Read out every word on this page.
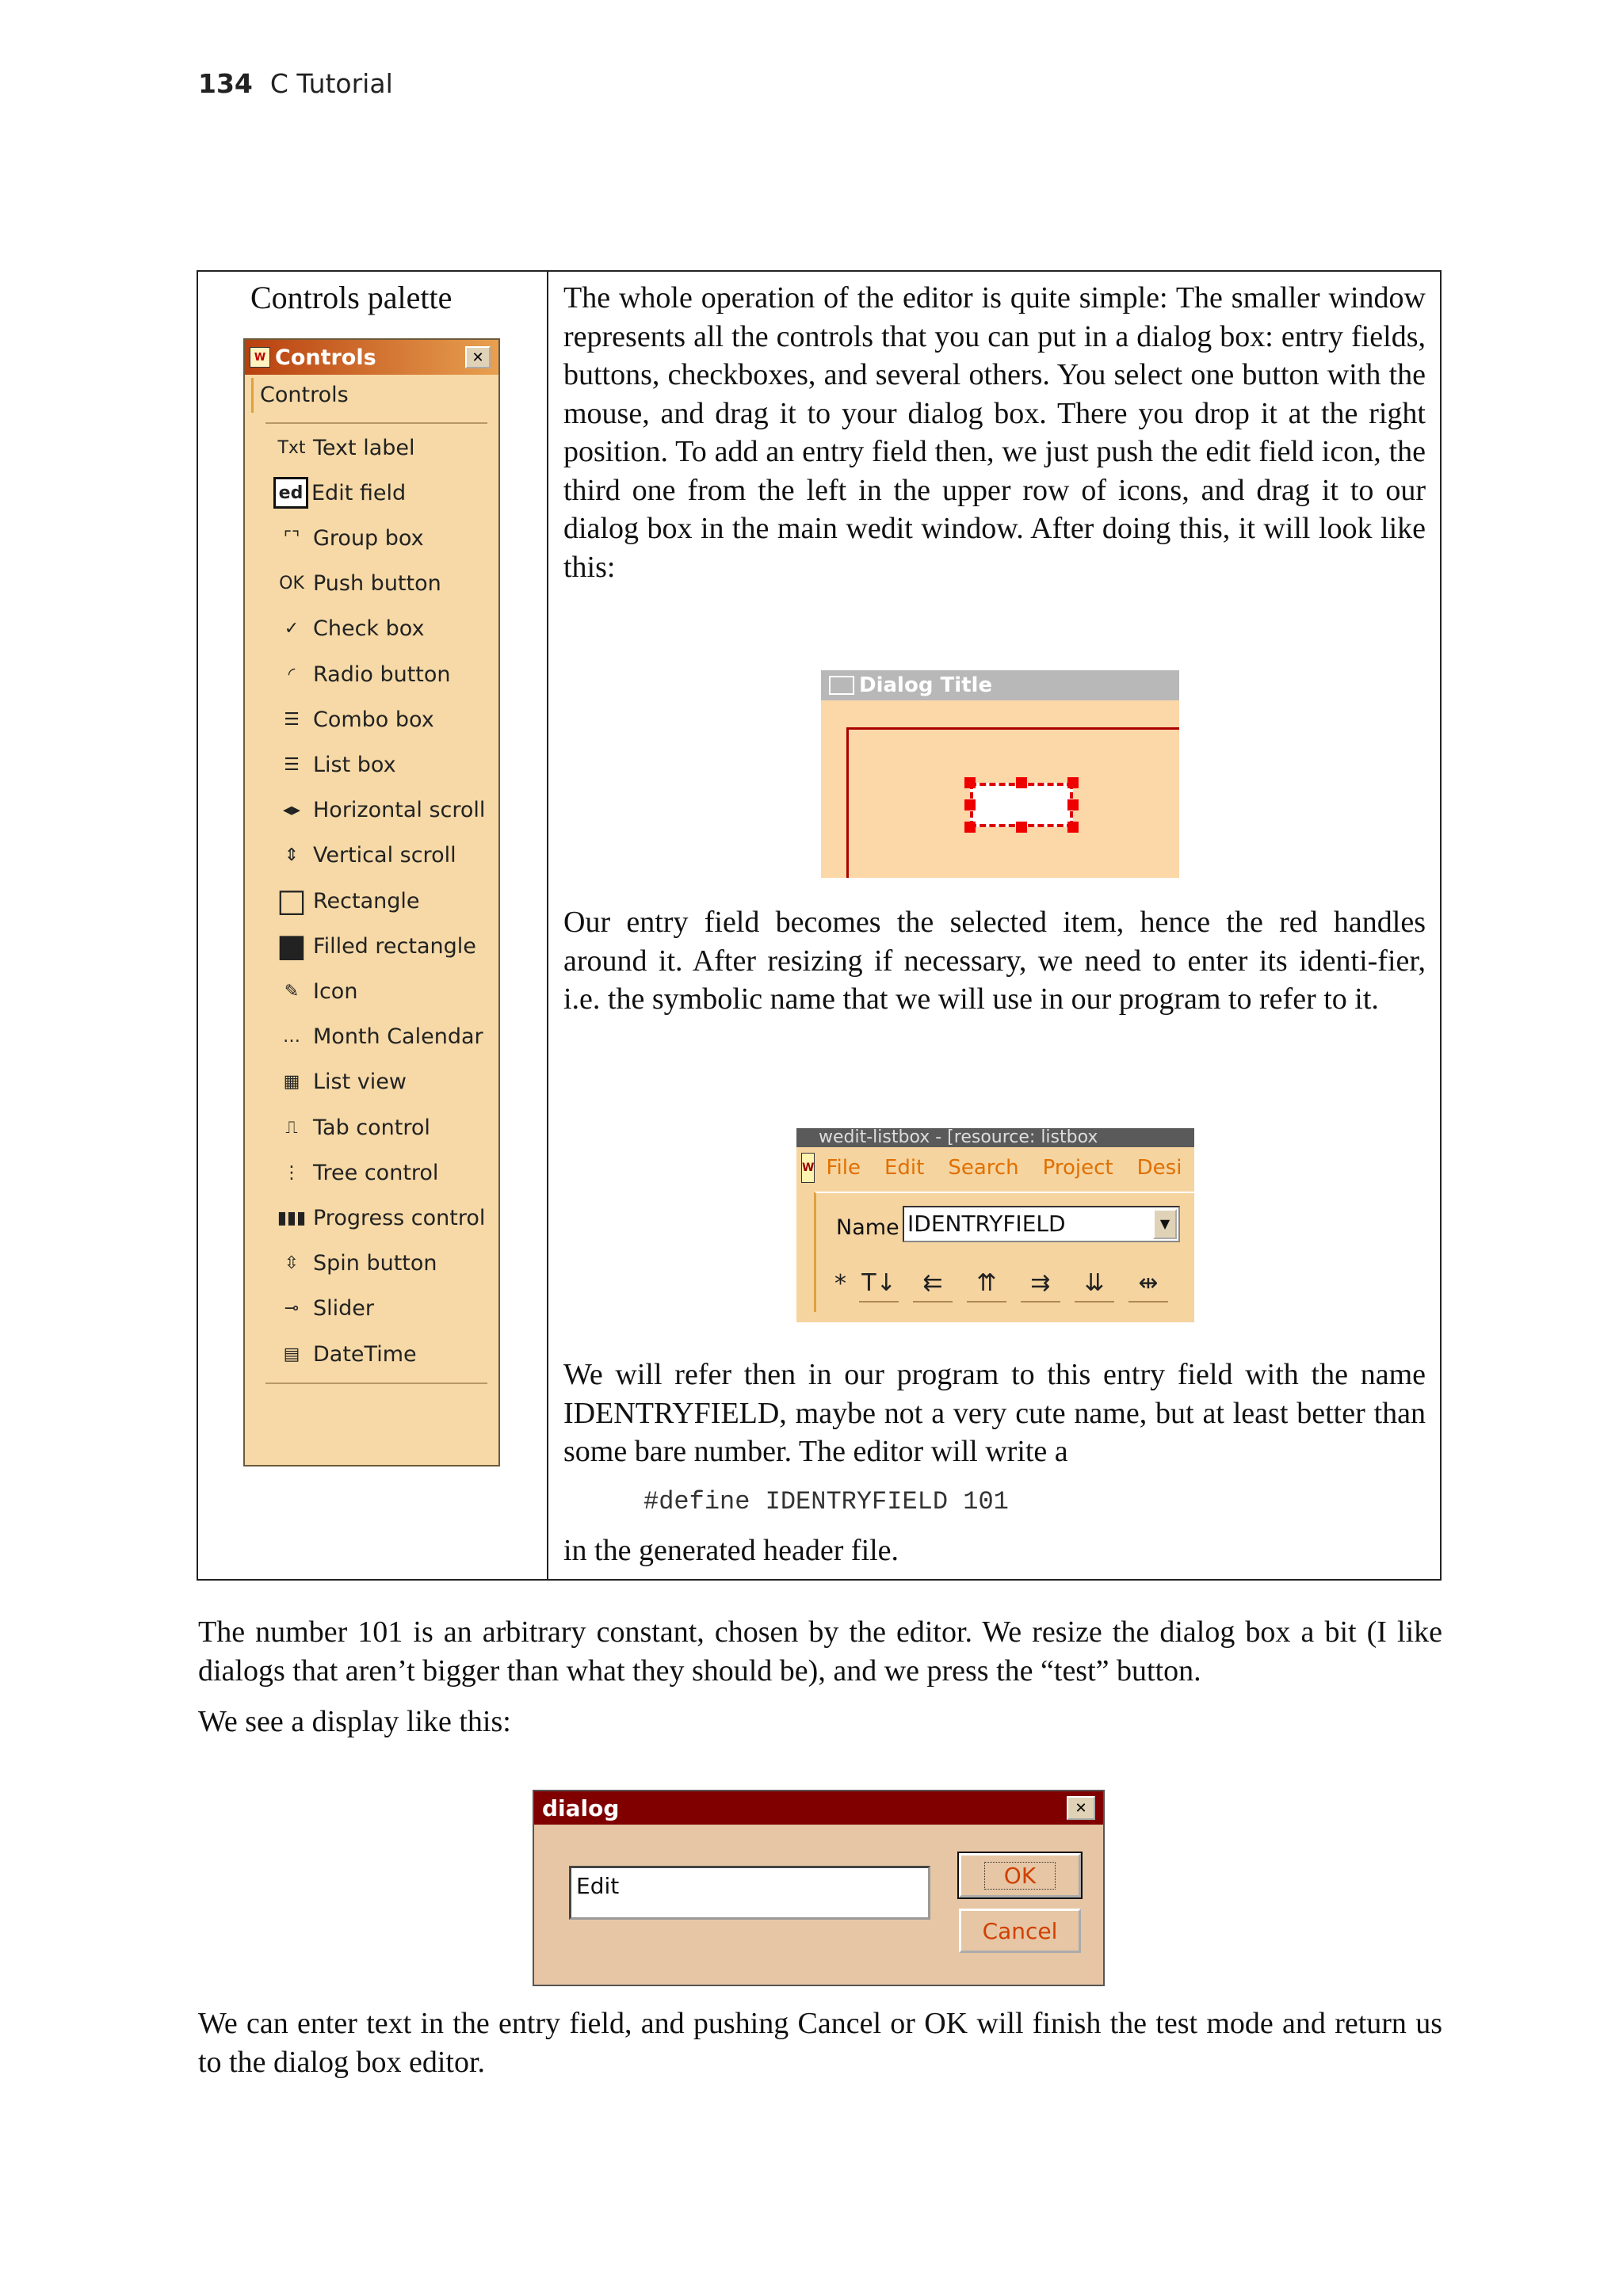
134 C Tutorial
Controls palette
W Controls	✕
Controls
Txt Text label
ed Edit field
⌜⌝ Group box
OK Push button
✓ Check box
◜ Radio button
☰ Combo box
☰ List box
◂▸ Horizontal scroll
⇕ Vertical scroll
□ Rectangle
■ Filled rectangle
✎ Icon
… Month Calendar
▦ List view
⎍ Tab control
⋮ Tree control
▮▮▮ Progress control
⇳ Spin button
⊸ Slider
▤ DateTime
The whole operation of the editor is quite simple: The smaller window represents all the controls that you can put in a dialog box: entry fields, buttons, checkboxes, and several others. You select one button with the mouse, and drag it to your dialog box. There you drop it at the right position. To add an entry field then, we just push the edit field icon, the third one from the left in the upper row of icons, and drag it to our dialog box in the main wedit window. After doing this, it will look like this:
Dialog Title
Our entry field becomes the selected item, hence the red handles around it. After resizing if necessary, we need to enter its identi-fier, i.e. the symbolic name that we will use in our program to refer to it.
wedit-listbox - [resource: listbox
W File Edit Search Project Desi
Name IDENTRYFIELD	▼
* T↓	⇇	⇈	⇉	⇊	⇹
We will refer then in our program to this entry field with the name IDENTRYFIELD, maybe not a very cute name, but at least better than some bare number. The editor will write a
#define IDENTRYFIELD 101
in the generated header file.
The number 101 is an arbitrary constant, chosen by the editor. We resize the dialog box a bit (I like dialogs that aren’t bigger than what they should be), and we press the “test” button.
We see a display like this:
dialog	✕
Edit	OK
Cancel
We can enter text in the entry field, and pushing Cancel or OK will finish the test mode and return us to the dialog box editor.
